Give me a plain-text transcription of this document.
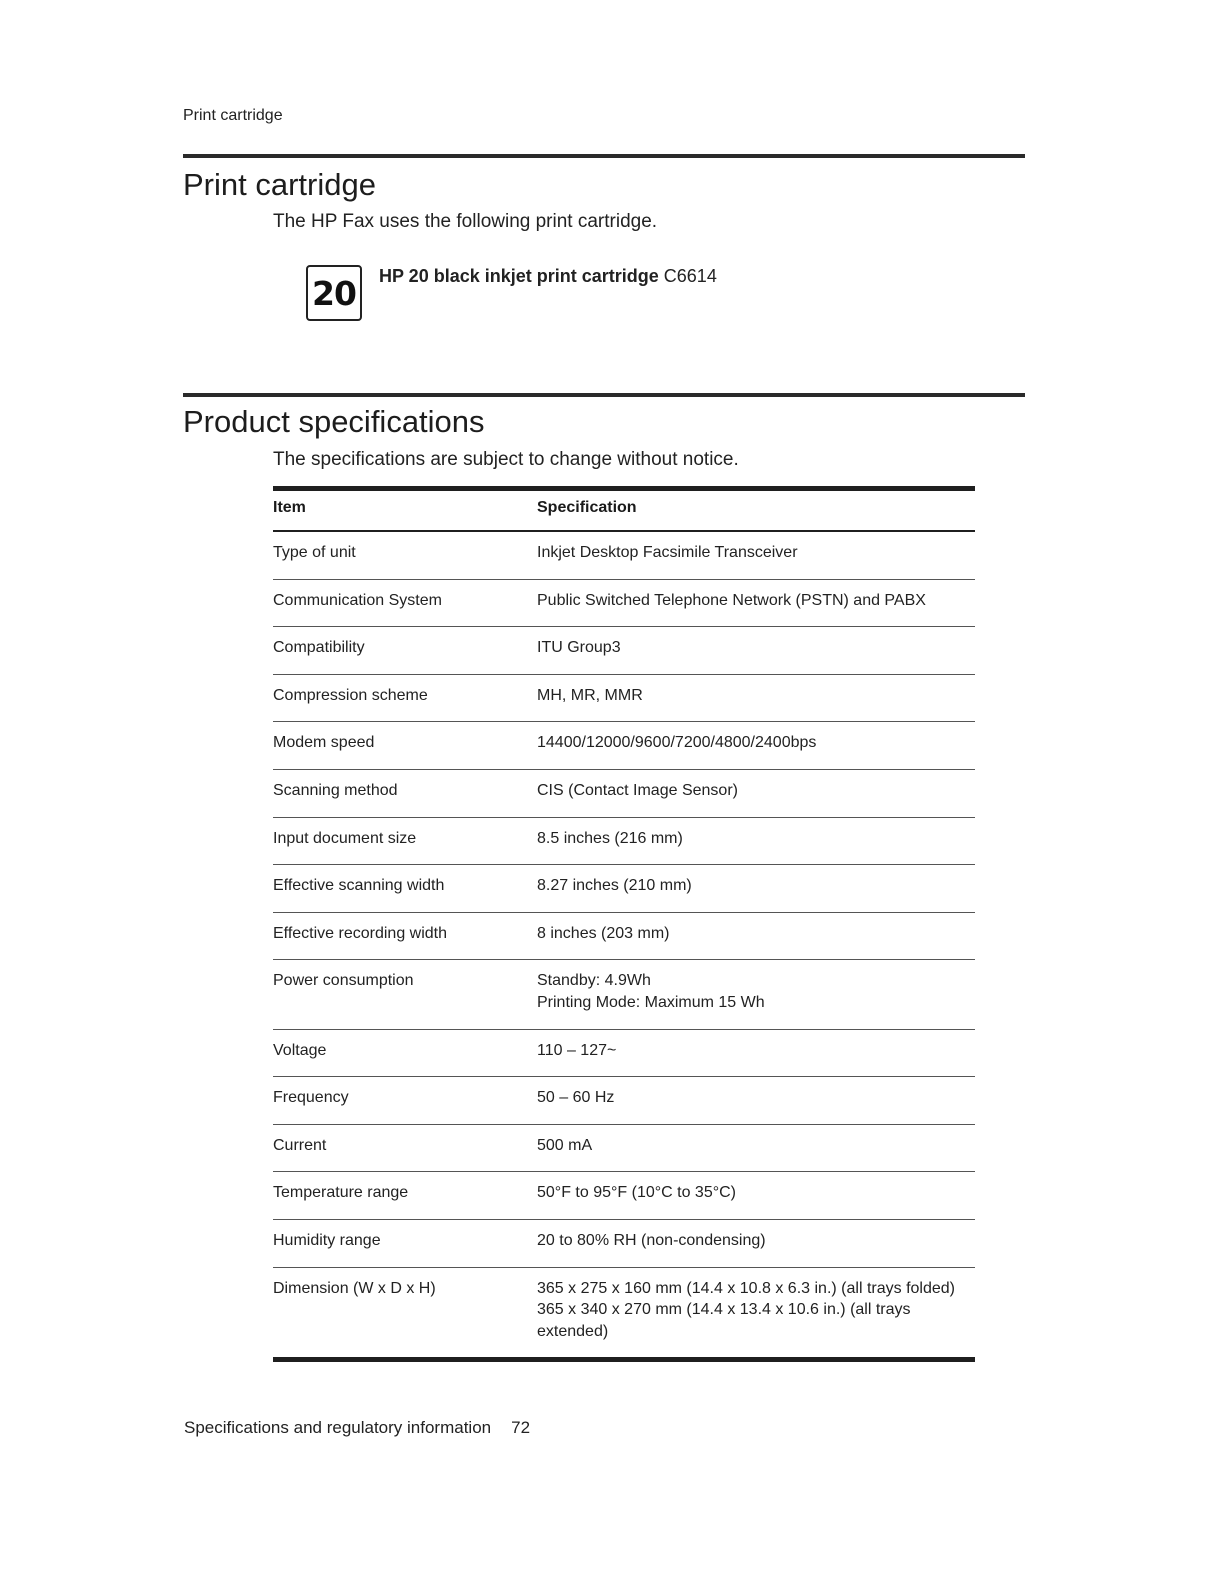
Print cartridge
Print cartridge
The HP Fax uses the following print cartridge.
20 HP 20 black inkjet print cartridge C6614
Product specifications
The specifications are subject to change without notice.
Item	Specification
Type of unit	Inkjet Desktop Facsimile Transceiver

Communication System	Public Switched Telephone Network (PSTN) and PABX

Compatibility	ITU Group3

Compression scheme	MH, MR, MMR

Modem speed	14400/12000/9600/7200/4800/2400bps

Scanning method	CIS (Contact Image Sensor)

Input document size	8.5 inches (216 mm)

Effective scanning width	8.27 inches (210 mm)

Effective recording width	8 inches (203 mm)

Power consumption	Standby: 4.9Wh
Printing Mode: Maximum 15 Wh

Voltage	110 – 127~

Frequency	50 – 60 Hz

Current	500 mA

Temperature range	50°F to 95°F (10°C to 35°C)

Humidity range	20 to 80% RH (non-condensing)

Dimension (W x D x H)	365 x 275 x 160 mm (14.4 x 10.8 x 6.3 in.) (all trays folded)
365 x 340 x 270 mm (14.4 x 13.4 x 10.6 in.) (all trays extended)
Specifications and regulatory information 72
